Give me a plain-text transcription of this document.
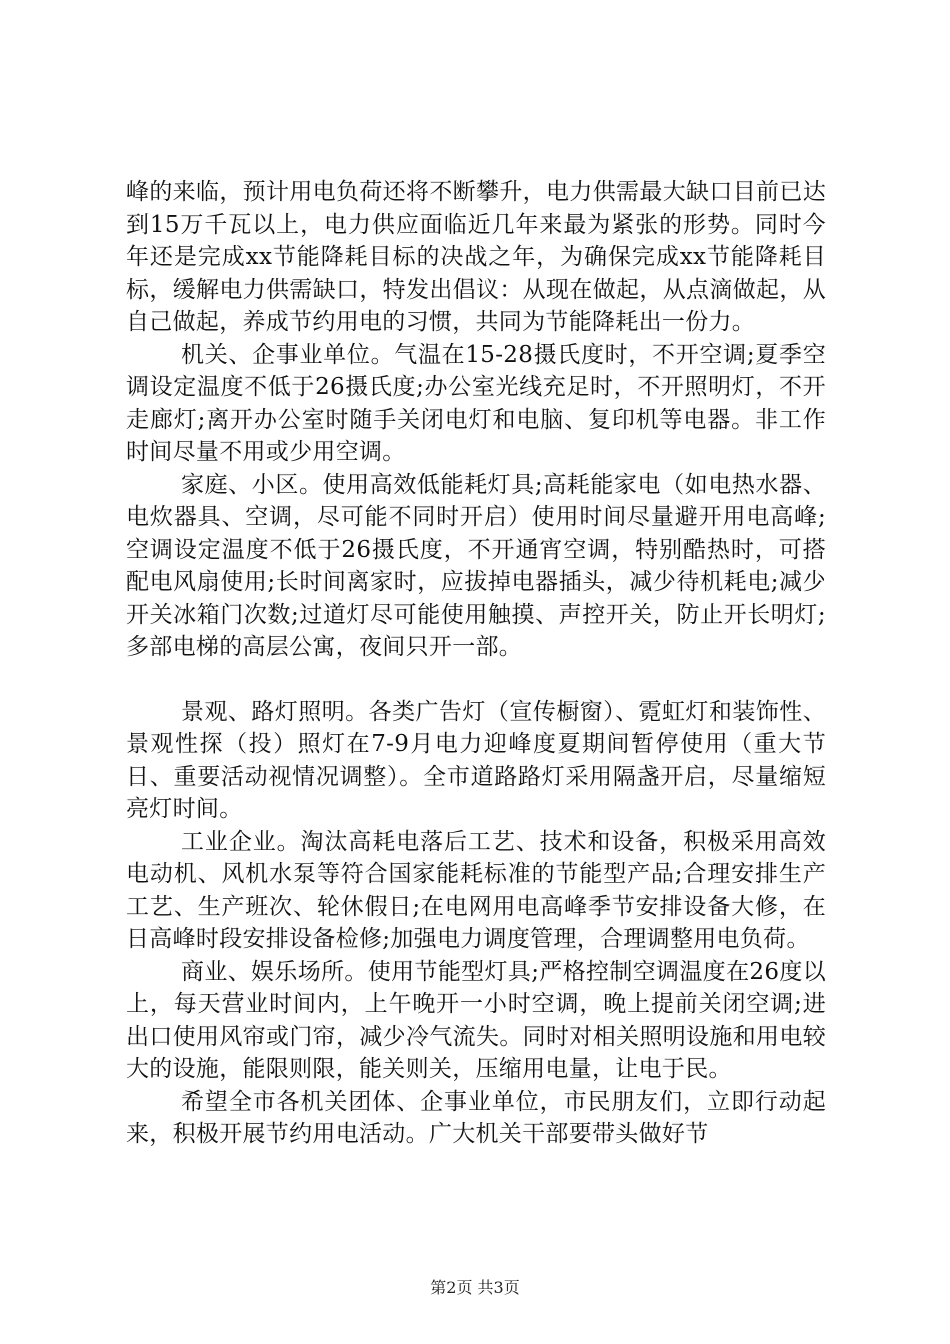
峰的来临，预计用电负荷还将不断攀升，电力供需最大缺口目前已达到15万千瓦以上，电力供应面临近几年来最为紧张的形势。同时今年还是完成xx节能降耗目标的决战之年，为确保完成xx节能降耗目标，缓解电力供需缺口，特发出倡议：从现在做起，从点滴做起，从自己做起，养成节约用电的习惯，共同为节能降耗出一份力。

机关、企事业单位。气温在15-28摄氏度时，不开空调;夏季空调设定温度不低于26摄氏度;办公室光线充足时，不开照明灯，不开走廊灯;离开办公室时随手关闭电灯和电脑、复印机等电器。非工作时间尽量不用或少用空调。

家庭、小区。使用高效低能耗灯具;高耗能家电（如电热水器、电炊器具、空调，尽可能不同时开启）使用时间尽量避开用电高峰;空调设定温度不低于26摄氏度，不开通宵空调，特别酷热时，可搭配电风扇使用;长时间离家时，应拔掉电器插头，减少待机耗电;减少开关冰箱门次数;过道灯尽可能使用触摸、声控开关，防止开长明灯;多部电梯的高层公寓，夜间只开一部。

景观、路灯照明。各类广告灯（宣传橱窗）、霓虹灯和装饰性、景观性探（投）照灯在7-9月电力迎峰度夏期间暂停使用（重大节日、重要活动视情况调整）。全市道路路灯采用隔盏开启，尽量缩短亮灯时间。

工业企业。淘汰高耗电落后工艺、技术和设备，积极采用高效电动机、风机水泵等符合国家能耗标准的节能型产品;合理安排生产工艺、生产班次、轮休假日;在电网用电高峰季节安排设备大修，在日高峰时段安排设备检修;加强电力调度管理，合理调整用电负荷。

商业、娱乐场所。使用节能型灯具;严格控制空调温度在26度以上，每天营业时间内，上午晚开一小时空调，晚上提前关闭空调;进出口使用风帘或门帘，减少冷气流失。同时对相关照明设施和用电较大的设施，能限则限，能关则关，压缩用电量，让电于民。

希望全市各机关团体、企事业单位，市民朋友们，立即行动起来，积极开展节约用电活动。广大机关干部要带头做好节

第2页 共3页
